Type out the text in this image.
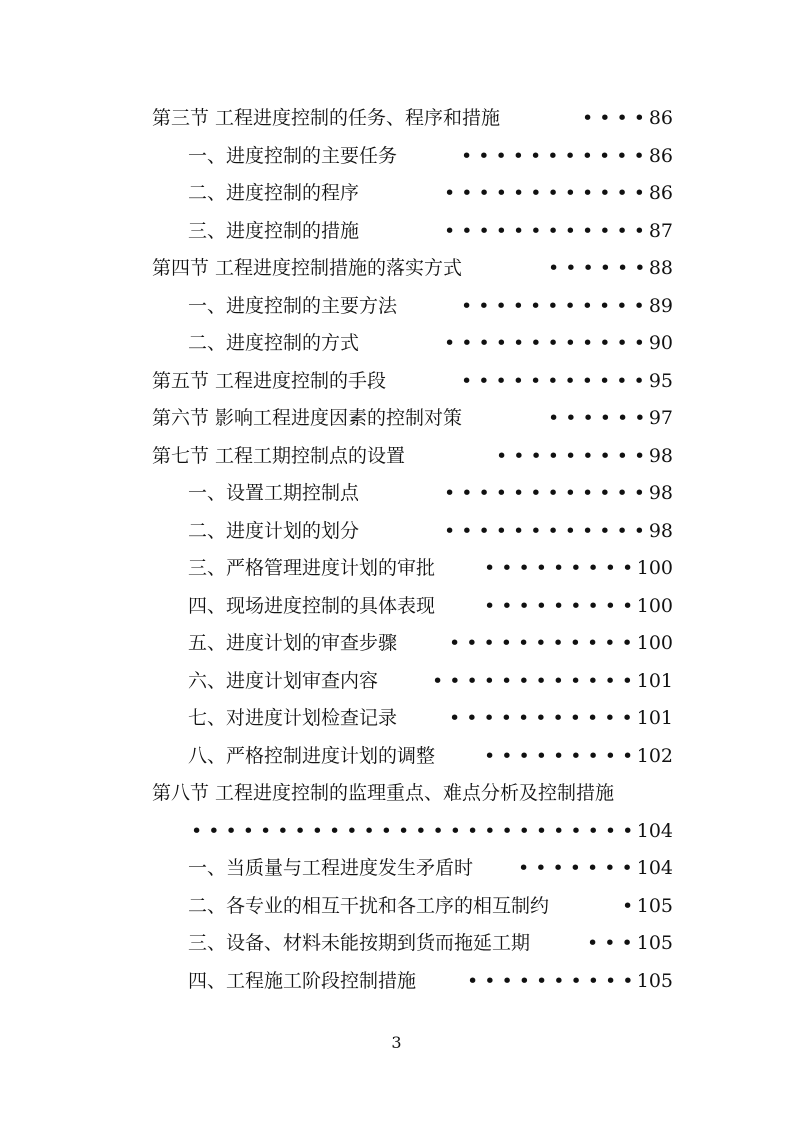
第三节 工程进度控制的任务、程序和措施	• • • • 86
一、进度控制的主要任务	• • • • • • • • • • • 86
二、进度控制的程序	• • • • • • • • • • • • 86
三、进度控制的措施	• • • • • • • • • • • • 87
第四节 工程进度控制措施的落实方式	• • • • • • 88
一、进度控制的主要方法	• • • • • • • • • • • 89
二、进度控制的方式	• • • • • • • • • • • • 90
第五节 工程进度控制的手段	• • • • • • • • • • • 95
第六节 影响工程进度因素的控制对策	• • • • • • 97
第七节 工程工期控制点的设置	• • • • • • • • • 98
一、设置工期控制点	• • • • • • • • • • • • 98
二、进度计划的划分	• • • • • • • • • • • • 98
三、严格管理进度计划的审批	• • • • • • • • • 100
四、现场进度控制的具体表现	• • • • • • • • • 100
五、进度计划的审查步骤	• • • • • • • • • • • 100
六、进度计划审查内容	• • • • • • • • • • • • 101
七、对进度计划检查记录	• • • • • • • • • • • 101
八、严格控制进度计划的调整	• • • • • • • • • 102
第八节 工程进度控制的监理重点、难点分析及控制措施
• • • • • • • • • • • • • • • • • • • • • • • • • • 104
一、当质量与工程进度发生矛盾时 • • • • • • • 104
二、各专业的相互干扰和各工序的相互制约	• 105
三、设备、材料未能按期到货而拖延工期	• • • 105
四、工程施工阶段控制措施	• • • • • • • • • • 105
3
